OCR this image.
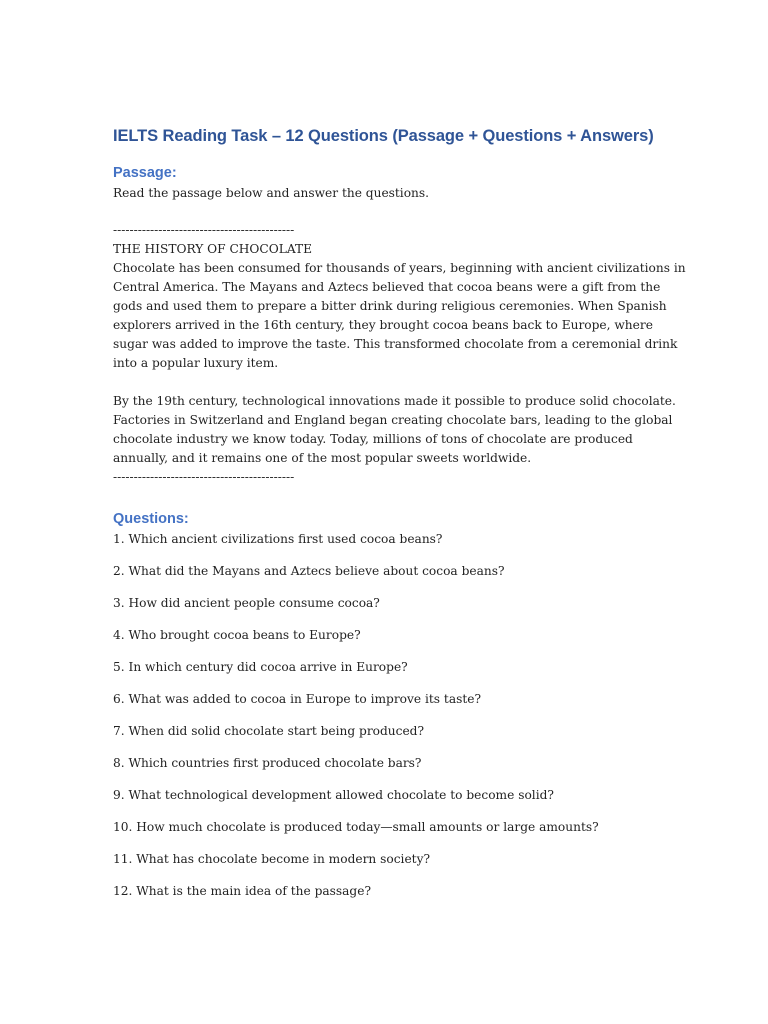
IELTS Reading Task – 12 Questions (Passage + Questions + Answers)
Passage:

Read the passage below and answer the questions.

--------------------------------------------

THE HISTORY OF CHOCOLATE

Chocolate has been consumed for thousands of years, beginning with ancient civilizations in

Central America. The Mayans and Aztecs believed that cocoa beans were a gift from the

gods and used them to prepare a bitter drink during religious ceremonies. When Spanish

explorers arrived in the 16th century, they brought cocoa beans back to Europe, where

sugar was added to improve the taste. This transformed chocolate from a ceremonial drink

into a popular luxury item.

By the 19th century, technological innovations made it possible to produce solid chocolate.

Factories in Switzerland and England began creating chocolate bars, leading to the global

chocolate industry we know today. Today, millions of tons of chocolate are produced

annually, and it remains one of the most popular sweets worldwide.

--------------------------------------------

Questions:
1. Which ancient civilizations first used cocoa beans?
2. What did the Mayans and Aztecs believe about cocoa beans?
3. How did ancient people consume cocoa?
4. Who brought cocoa beans to Europe?
5. In which century did cocoa arrive in Europe?
6. What was added to cocoa in Europe to improve its taste?
7. When did solid chocolate start being produced?
8. Which countries first produced chocolate bars?
9. What technological development allowed chocolate to become solid?
10. How much chocolate is produced today—small amounts or large amounts?
11. What has chocolate become in modern society?
12. What is the main idea of the passage?
